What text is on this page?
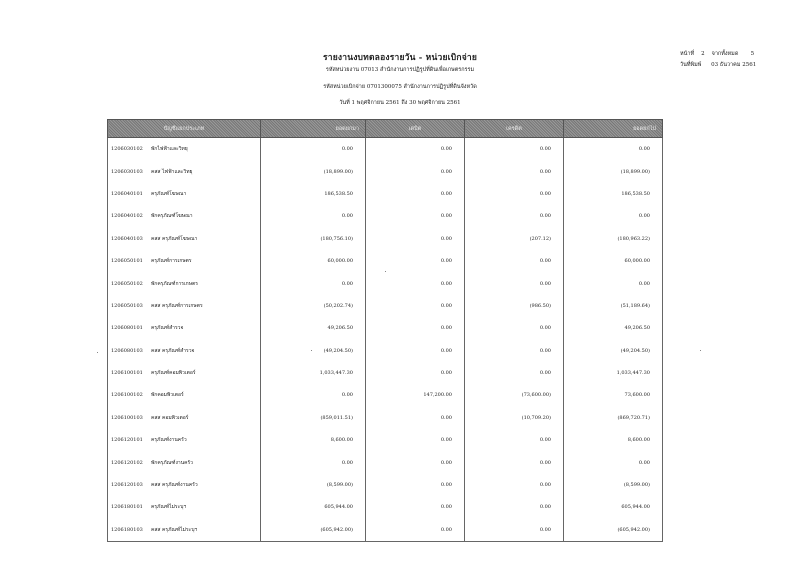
รายงานงบทดลองรายวัน - หน่วยเบิกจ่าย
รหัสหน่วยงาน 07013 สำนักงานการปฏิรูปที่ดินเพื่อเกษตรกรรม
รหัสหน่วยเบิกจ่าย 0701300075 สำนักงานการปฏิรูปที่ดินจังหวัด
วันที่ 1 พฤศจิกายน 2561 ถึง 30 พฤศจิกายน 2561
หน้าที่ 2 จากทั้งหมด 5
วันที่พิมพ์ 03 ธันวาคม 2561
บัญชีแยกประเภท	ยอดยกมา	เดบิต	เครดิต	ยอดยกไป
1206030102 พักไฟฟ้าและวิทยุ	0.00	0.00	0.00	0.00
1206030103 คสส ไฟฟ้าและวิทยุ	(18,899.00)	0.00	0.00	(18,899.00)
1206040101 ครุภัณฑ์โฆษณา	186,538.50	0.00	0.00	186,538.50
1206040102 พักครุภัณฑ์โฆษณา	0.00	0.00	0.00	0.00
1206040103 คสส ครุภัณฑ์โฆษณา	(180,756.10)	0.00	(207.12)	(180,963.22)
1206050101 ครุภัณฑ์การเกษตร	60,000.00	0.00	0.00	60,000.00
1206050102 พักครุภัณฑ์การเกษตร	0.00	0.00	0.00	0.00
1206050103 คสส ครุภัณฑ์การเกษตร	(50,202.74)	0.00	(986.50)	(51,189.64)
1206080101 ครุภัณฑ์สำรวจ	49,206.50	0.00	0.00	49,206.50
1206080103 คสส ครุภัณฑ์สำรวจ	(49,204.50)	0.00	0.00	(49,204.50)
1206100101 ครุภัณฑ์คอมพิวเตอร์	1,033,447.30	0.00	0.00	1,033,447.30
1206100102 พักคอมพิวเตอร์	0.00	147,200.00	(73,600.00)	73,600.00
1206100103 คสส คอมพิวเตอร์	(859,011.51)	0.00	(10,709.20)	(869,720.71)
1206120101 ครุภัณฑ์งานครัว	8,600.00	0.00	0.00	8,600.00
1206120102 พักครุภัณฑ์งานครัว	0.00	0.00	0.00	0.00
1206120103 คสส ครุภัณฑ์งานครัว	(8,599.00)	0.00	0.00	(8,599.00)
1206180101 ครุภัณฑ์ไม่ระบุฯ	605,944.00	0.00	0.00	605,944.00
1206180103 คสส ครุภัณฑ์ไม่ระบุฯ	(605,942.00)	0.00	0.00	(605,942.00)
